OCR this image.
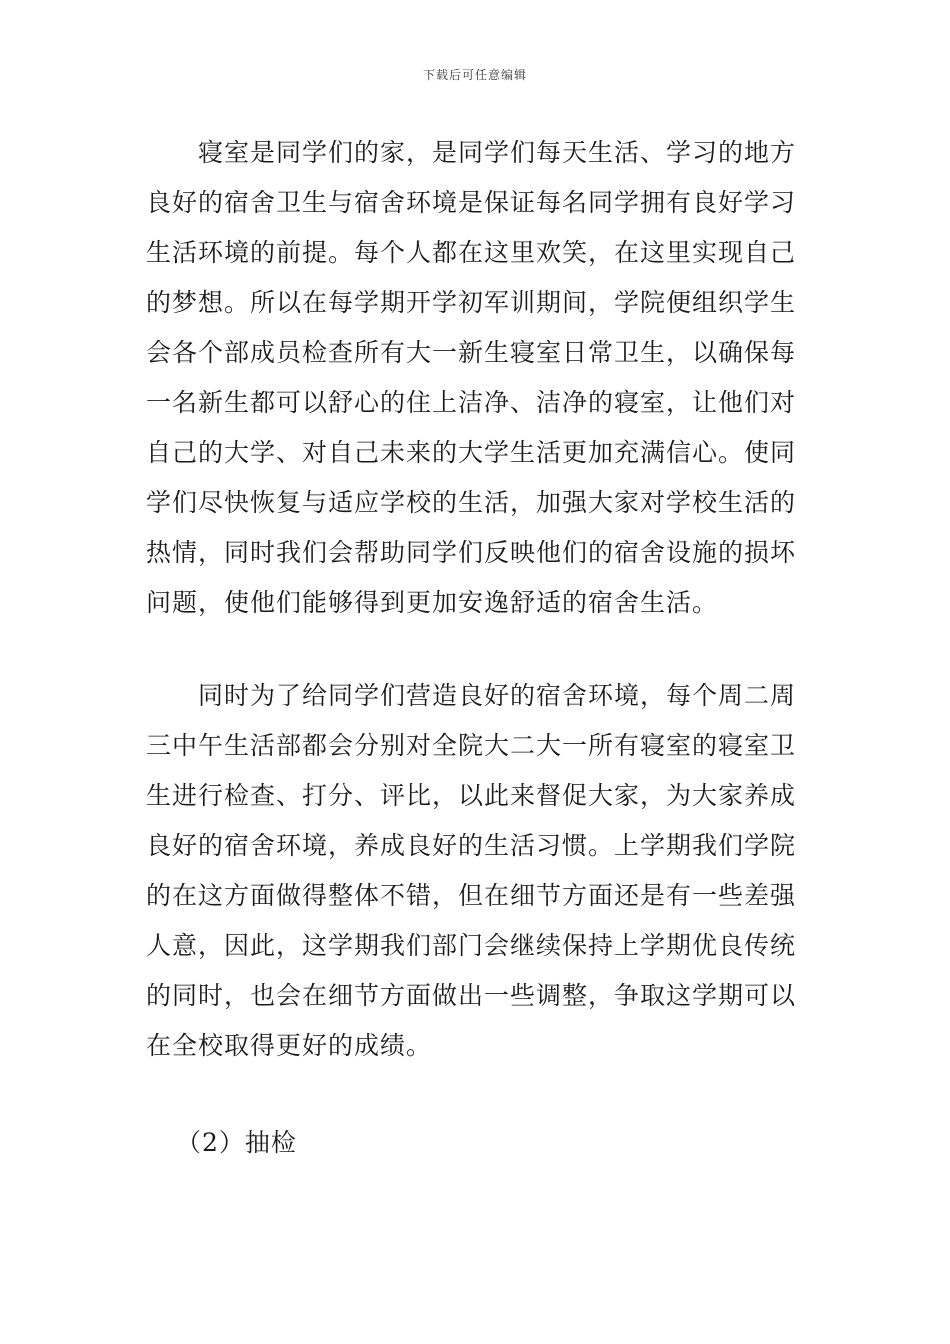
下载后可任意编辑
寝室是同学们的家，是同学们每天生活、学习的地方
良好的宿舍卫生与宿舍环境是保证每名同学拥有良好学习
生活环境的前提。每个人都在这里欢笑，在这里实现自己
的梦想。所以在每学期开学初军训期间，学院便组织学生
会各个部成员检查所有大一新生寝室日常卫生，以确保每
一名新生都可以舒心的住上洁净、洁净的寝室，让他们对
自己的大学、对自己未来的大学生活更加充满信心。使同
学们尽快恢复与适应学校的生活，加强大家对学校生活的
热情，同时我们会帮助同学们反映他们的宿舍设施的损坏
问题，使他们能够得到更加安逸舒适的宿舍生活。
同时为了给同学们营造良好的宿舍环境，每个周二周
三中午生活部都会分别对全院大二大一所有寝室的寝室卫
生进行检查、打分、评比，以此来督促大家，为大家养成
良好的宿舍环境，养成良好的生活习惯。上学期我们学院
的在这方面做得整体不错，但在细节方面还是有一些差强
人意，因此，这学期我们部门会继续保持上学期优良传统
的同时，也会在细节方面做出一些调整，争取这学期可以
在全校取得更好的成绩。
（2）抽检
